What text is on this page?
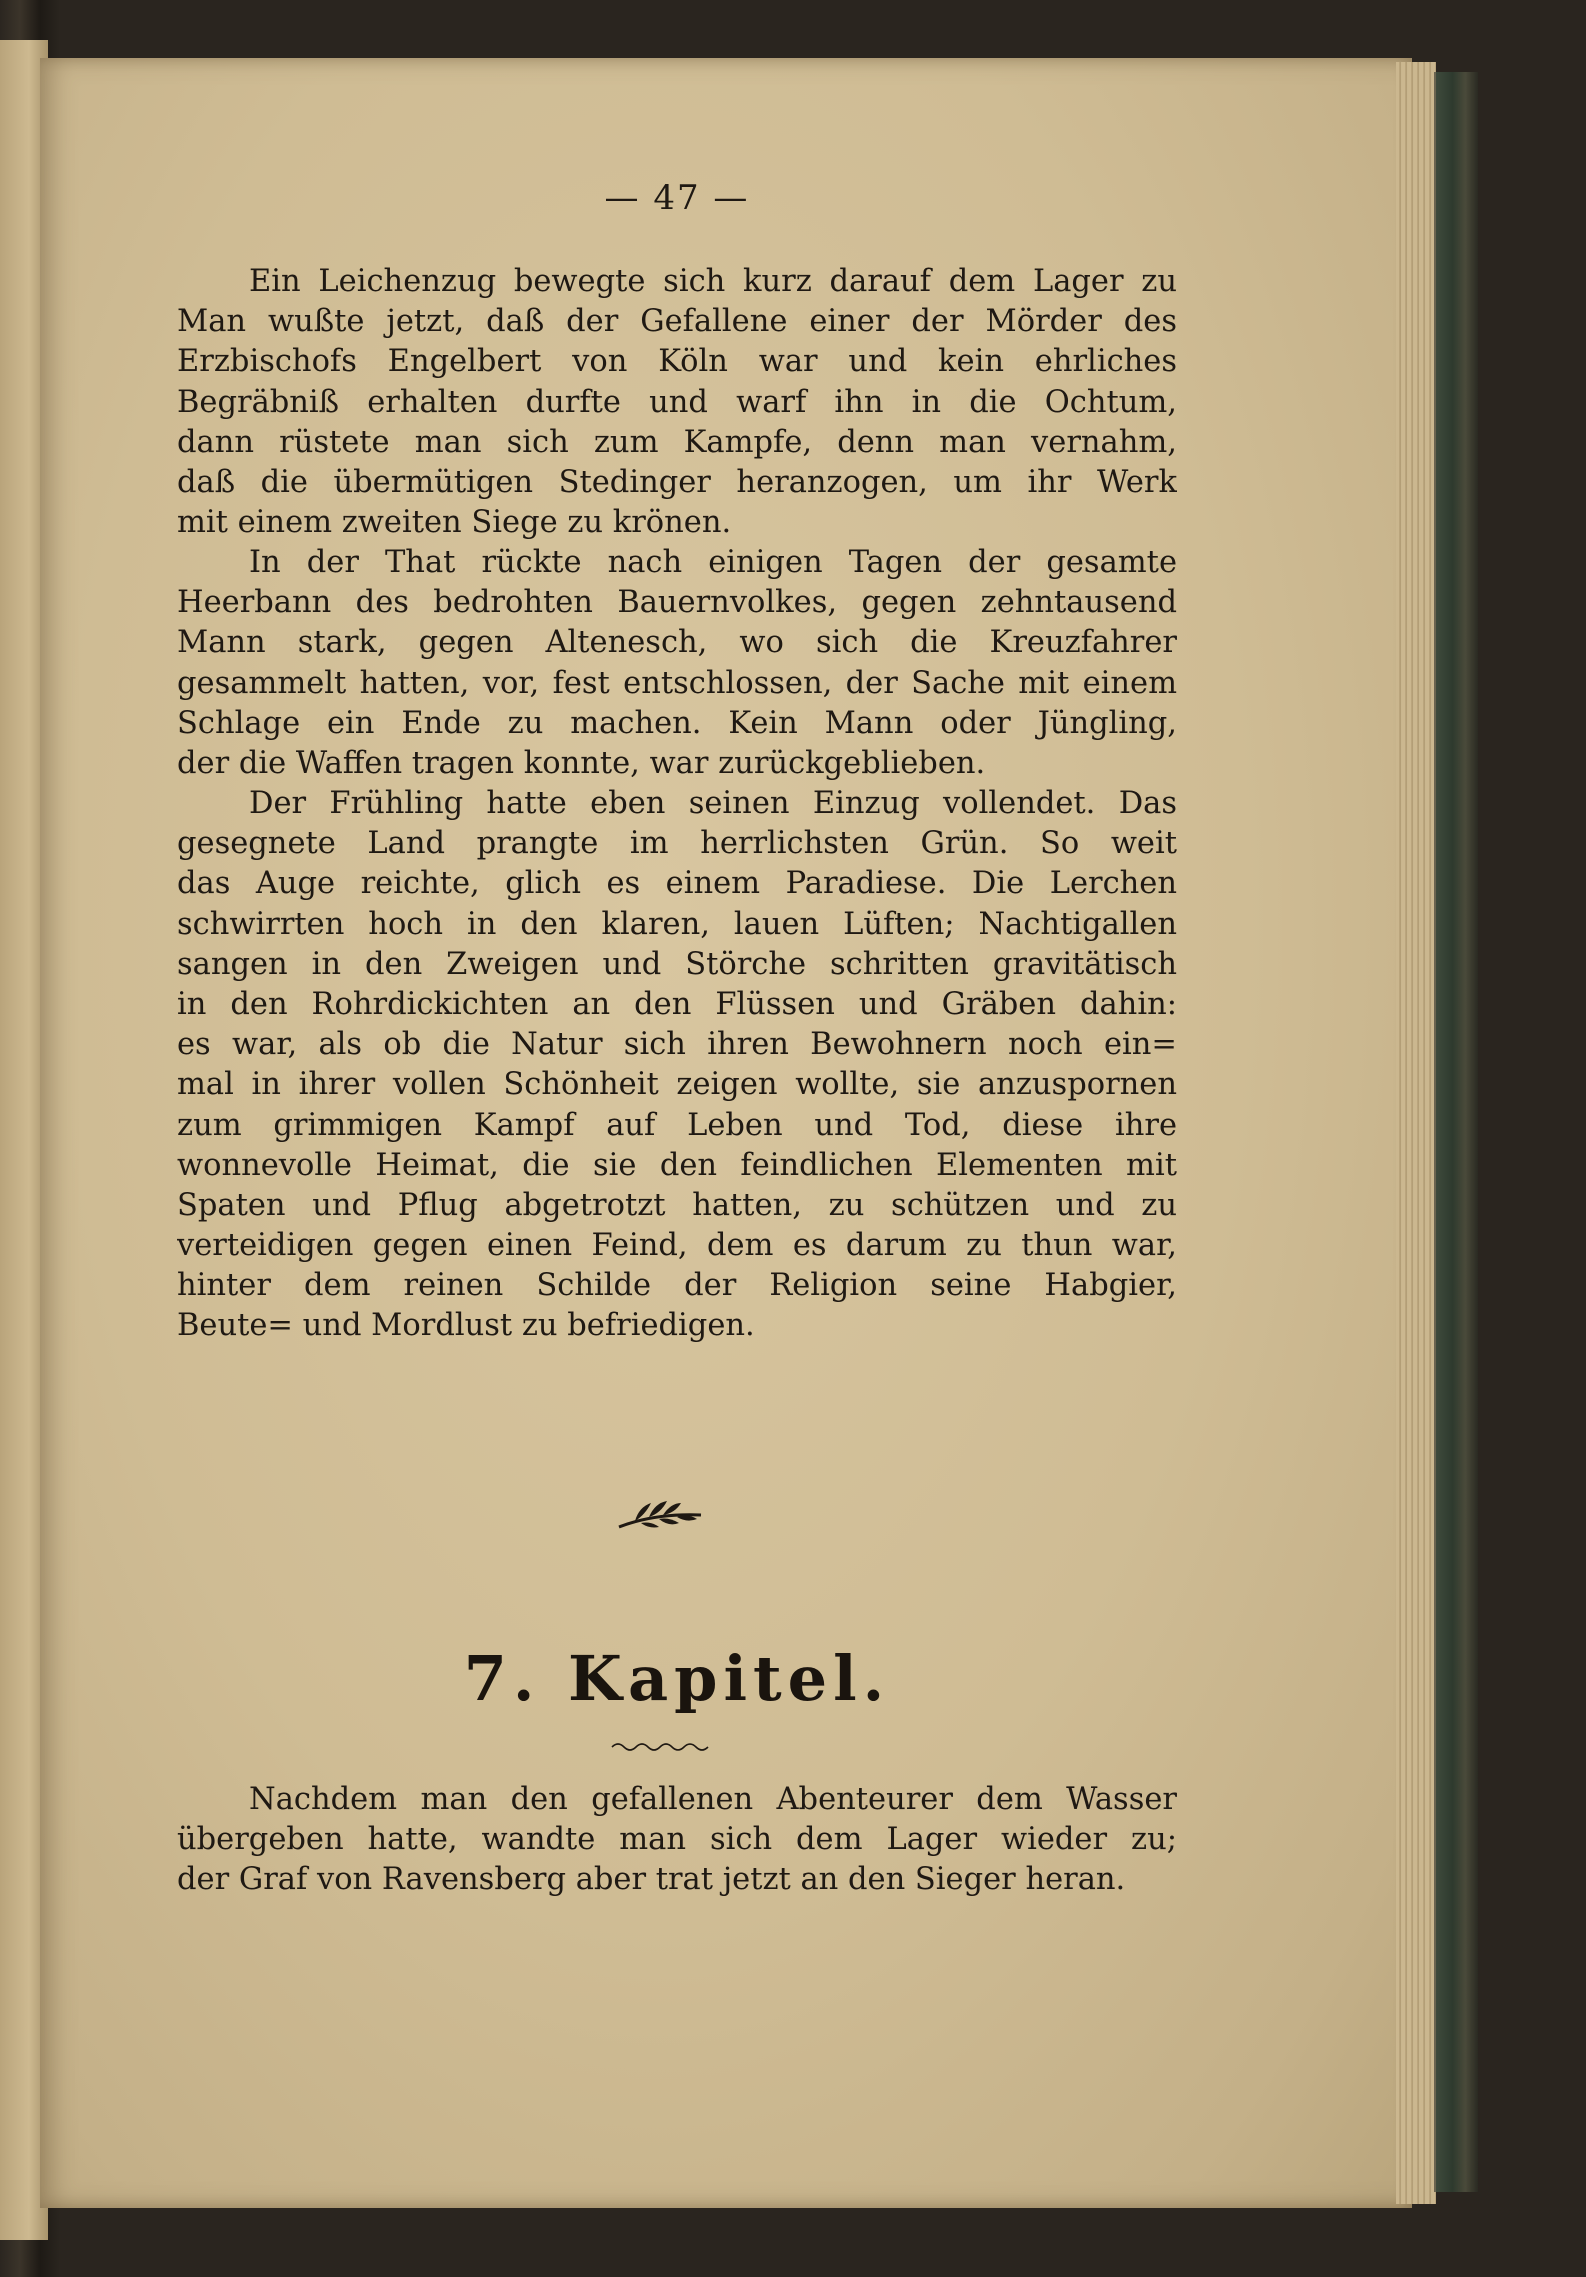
— 47 —

Ein Leichenzug bewegte sich kurz darauf dem Lager zu
Man wußte jetzt, daß der Gefallene einer der Mörder des
Erzbischofs Engelbert von Köln war und kein ehrliches
Begräbniß erhalten durfte und warf ihn in die Ochtum,
dann rüstete man sich zum Kampfe, denn man vernahm,
daß die übermütigen Stedinger heranzogen, um ihr Werk
mit einem zweiten Siege zu krönen.
In der That rückte nach einigen Tagen der gesamte
Heerbann des bedrohten Bauernvolkes, gegen zehntausend
Mann stark, gegen Altenesch, wo sich die Kreuzfahrer
gesammelt hatten, vor, fest entschlossen, der Sache mit einem
Schlage ein Ende zu machen. Kein Mann oder Jüngling,
der die Waffen tragen konnte, war zurückgeblieben.
Der Frühling hatte eben seinen Einzug vollendet. Das
gesegnete Land prangte im herrlichsten Grün. So weit
das Auge reichte, glich es einem Paradiese. Die Lerchen
schwirrten hoch in den klaren, lauen Lüften; Nachtigallen
sangen in den Zweigen und Störche schritten gravitätisch
in den Rohrdickichten an den Flüssen und Gräben dahin:
es war, als ob die Natur sich ihren Bewohnern noch ein=
mal in ihrer vollen Schönheit zeigen wollte, sie anzuspornen
zum grimmigen Kampf auf Leben und Tod, diese ihre
wonnevolle Heimat, die sie den feindlichen Elementen mit
Spaten und Pflug abgetrotzt hatten, zu schützen und zu
verteidigen gegen einen Feind, dem es darum zu thun war,
hinter dem reinen Schilde der Religion seine Habgier,
Beute= und Mordlust zu befriedigen.
7. Kapitel.
Nachdem man den gefallenen Abenteurer dem Wasser
übergeben hatte, wandte man sich dem Lager wieder zu;
der Graf von Ravensberg aber trat jetzt an den Sieger heran.
